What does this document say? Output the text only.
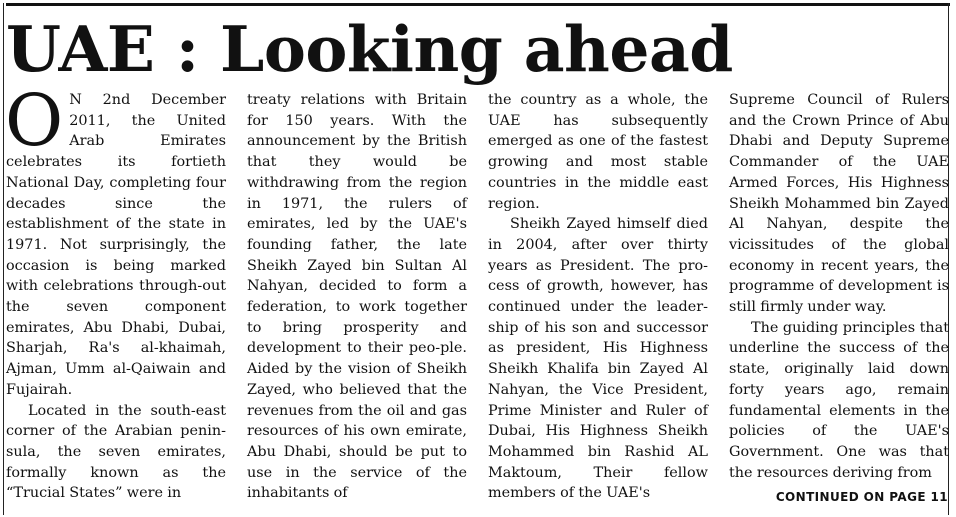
UAE : Looking ahead

O N 2nd December 2011, the United Arab Emirates celebrates its fortieth National Day, completing four decades since the establishment of the state in 1971. Not surprisingly, the occasion is being marked with celebrations through-out the seven component emirates, Abu Dhabi, Dubai, Sharjah, Ra's al-khaimah, Ajman, Umm al-Qaiwain and Fujairah.

Located in the south-east corner of the Arabian penin-sula, the seven emirates, formally known as the “Trucial States” were in

treaty relations with Britain for 150 years. With the announcement by the British that they would be withdrawing from the region in 1971, the rulers of emirates, led by the UAE's founding father, the late Sheikh Zayed bin Sultan Al Nahyan, decided to form a federation, to work together to bring prosperity and development to their peo-ple. Aided by the vision of Sheikh Zayed, who believed that the revenues from the oil and gas resources of his own emirate, Abu Dhabi, should be put to use in the service of the inhabitants of

the country as a whole, the UAE has subsequently emerged as one of the fastest growing and most stable countries in the middle east region.

Sheikh Zayed himself died in 2004, after over thirty years as President. The pro-cess of growth, however, has continued under the leader-ship of his son and successor as president, His Highness Sheikh Khalifa bin Zayed Al Nahyan, the Vice President, Prime Minister and Ruler of Dubai, His Highness Sheikh Mohammed bin Rashid AL Maktoum, Their fellow members of the UAE's

Supreme Council of Rulers and the Crown Prince of Abu Dhabi and Deputy Supreme Commander of the UAE Armed Forces, His Highness Sheikh Mohammed bin Zayed Al Nahyan, despite the vicissitudes of the global economy in recent years, the programme of development is still firmly under way.

The guiding principles that underline the success of the state, originally laid down forty years ago, remain fundamental elements in the policies of the UAE's Government. One was that the resources deriving from

CONTINUED ON PAGE 11
